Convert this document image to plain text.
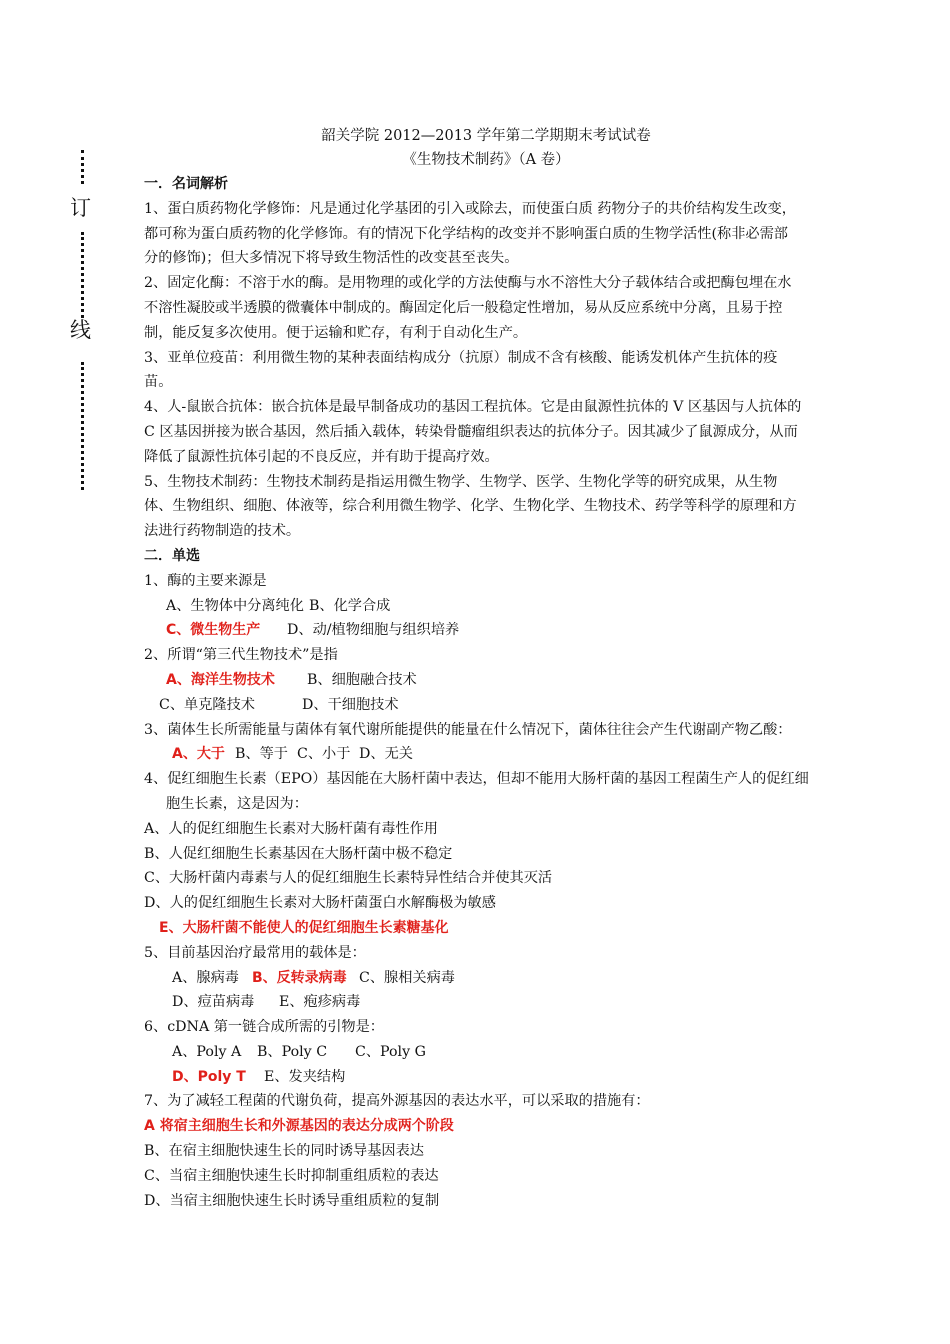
订
线
韶关学院 2012—2013 学年第二学期期末考试试卷
《生物技术制药》（A 卷）
一．名词解析
1、蛋白质药物化学修饰：凡是通过化学基团的引入或除去，而使蛋白质 药物分子的共价结构发生改变，
都可称为蛋白质药物的化学修饰。有的情况下化学结构的改变并不影响蛋白质的生物学活性(称非必需部
分的修饰)；但大多情况下将导致生物活性的改变甚至丧失。
2、固定化酶：不溶于水的酶。是用物理的或化学的方法使酶与水不溶性大分子载体结合或把酶包埋在水
不溶性凝胶或半透膜的微囊体中制成的。酶固定化后一般稳定性增加，易从反应系统中分离，且易于控
制，能反复多次使用。便于运输和贮存，有利于自动化生产。
3、亚单位疫苗：利用微生物的某种表面结构成分（抗原）制成不含有核酸、能诱发机体产生抗体的疫
苗。
4、人-鼠嵌合抗体：嵌合抗体是最早制备成功的基因工程抗体。它是由鼠源性抗体的 V 区基因与人抗体的
C 区基因拼接为嵌合基因，然后插入载体，转染骨髓瘤组织表达的抗体分子。因其减少了鼠源成分，从而
降低了鼠源性抗体引起的不良反应，并有助于提高疗效。
5、生物技术制药：生物技术制药是指运用微生物学、生物学、医学、生物化学等的研究成果，从生物
体、生物组织、细胞、体液等，综合利用微生物学、化学、生物化学、生物技术、药学等科学的原理和方
法进行药物制造的技术。
二．单选
1、酶的主要来源是
A、生物体中分离纯化 B、化学合成
C、微生物生产 D、动/植物细胞与组织培养
2、所谓“第三代生物技术”是指
A、海洋生物技术 B、细胞融合技术
C、单克隆技术	D、干细胞技术
3、菌体生长所需能量与菌体有氧代谢所能提供的能量在什么情况下，菌体往往会产生代谢副产物乙酸：
A、大于 B、等于 C、小于 D、无关
4、促红细胞生长素（EPO）基因能在大肠杆菌中表达，但却不能用大肠杆菌的基因工程菌生产人的促红细
胞生长素，这是因为：
A、人的促红细胞生长素对大肠杆菌有毒性作用
B、人促红细胞生长素基因在大肠杆菌中极不稳定
C、大肠杆菌内毒素与人的促红细胞生长素特异性结合并使其灭活
D、人的促红细胞生长素对大肠杆菌蛋白水解酶极为敏感
E、大肠杆菌不能使人的促红细胞生长素糖基化
5、目前基因治疗最常用的载体是：
A、腺病毒 B、反转录病毒 C、腺相关病毒
D、痘苗病毒 E、疱疹病毒
6、cDNA 第一链合成所需的引物是：
A、Poly A B、Poly C C、Poly G
D、Poly T E、发夹结构
7、为了减轻工程菌的代谢负荷，提高外源基因的表达水平，可以采取的措施有：
A 将宿主细胞生长和外源基因的表达分成两个阶段
B、在宿主细胞快速生长的同时诱导基因表达
C、当宿主细胞快速生长时抑制重组质粒的表达
D、当宿主细胞快速生长时诱导重组质粒的复制
